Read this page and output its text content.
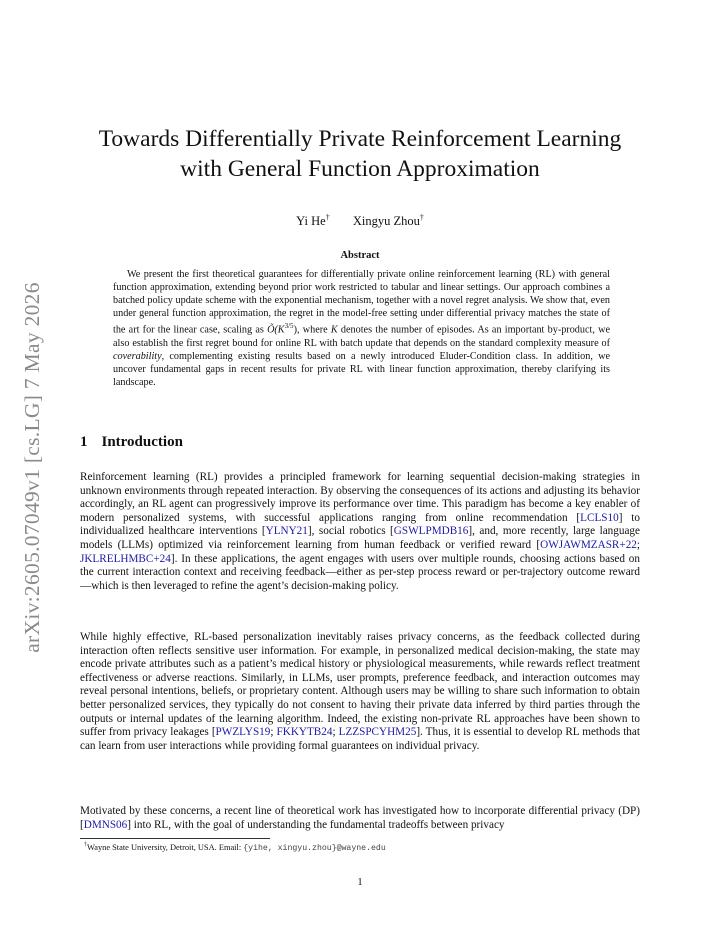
arXiv:2605.07049v1 [cs.LG] 7 May 2026
Towards Differentially Private Reinforcement Learning
with General Function Approximation
Yi He† Xingyu Zhou†
Abstract

We present the first theoretical guarantees for differentially private online reinforcement learning (RL) with general function approximation, extending beyond prior work restricted to tabular and linear settings. Our approach combines a batched policy update scheme with the exponential mechanism, together with a novel regret analysis. We show that, even under general function approximation, the regret in the model-free setting under differential privacy matches the state of the art for the linear case, scaling as $Õ(K^{3/5})$, where K denotes the number of episodes. As an important by-product, we also establish the first regret bound for online RL with batch update that depends on the standard complexity measure of coverability, complementing existing results based on a newly introduced Eluder-Condition class. In addition, we uncover fundamental gaps in recent results for private RL with linear function approximation, thereby clarifying its landscape.

1 Introduction

Reinforcement learning (RL) provides a principled framework for learning sequential decision-making strategies in unknown environments through repeated interaction. By observing the consequences of its actions and adjusting its behavior accordingly, an RL agent can progressively improve its performance over time. This paradigm has become a key enabler of modern personalized systems, with successful applications ranging from online recommendation [LCLS10] to individualized healthcare interventions [YLNY21], social robotics [GSWLPMDB16], and, more recently, large language models (LLMs) optimized via reinforcement learning from human feedback or verified reward [OWJAWMZASR+22; JKLRELHMBC+24]. In these applications, the agent engages with users over multiple rounds, choosing actions based on the current interaction context and receiving feedback—either as per-step process reward or per-trajectory outcome reward—which is then leveraged to refine the agent’s decision-making policy.

While highly effective, RL-based personalization inevitably raises privacy concerns, as the feedback collected during interaction often reflects sensitive user information. For example, in personalized medical decision-making, the state may encode private attributes such as a patient’s medical history or physiological measurements, while rewards reflect treatment effectiveness or adverse reactions. Similarly, in LLMs, user prompts, preference feedback, and interaction outcomes may reveal personal intentions, beliefs, or proprietary content. Although users may be willing to share such information to obtain better personalized services, they typically do not consent to having their private data inferred by third parties through the outputs or internal updates of the learning algorithm. Indeed, the existing non-private RL approaches have been shown to suffer from privacy leakages [PWZLYS19; FKKYTB24; LZZSPCYHM25]. Thus, it is essential to develop RL methods that can learn from user interactions while providing formal guarantees on individual privacy.

Motivated by these concerns, a recent line of theoretical work has investigated how to incorporate differential privacy (DP) [DMNS06] into RL, with the goal of understanding the fundamental tradeoffs between privacy

†Wayne State University, Detroit, USA. Email: {yihe, xingyu.zhou}@wayne.edu
1
